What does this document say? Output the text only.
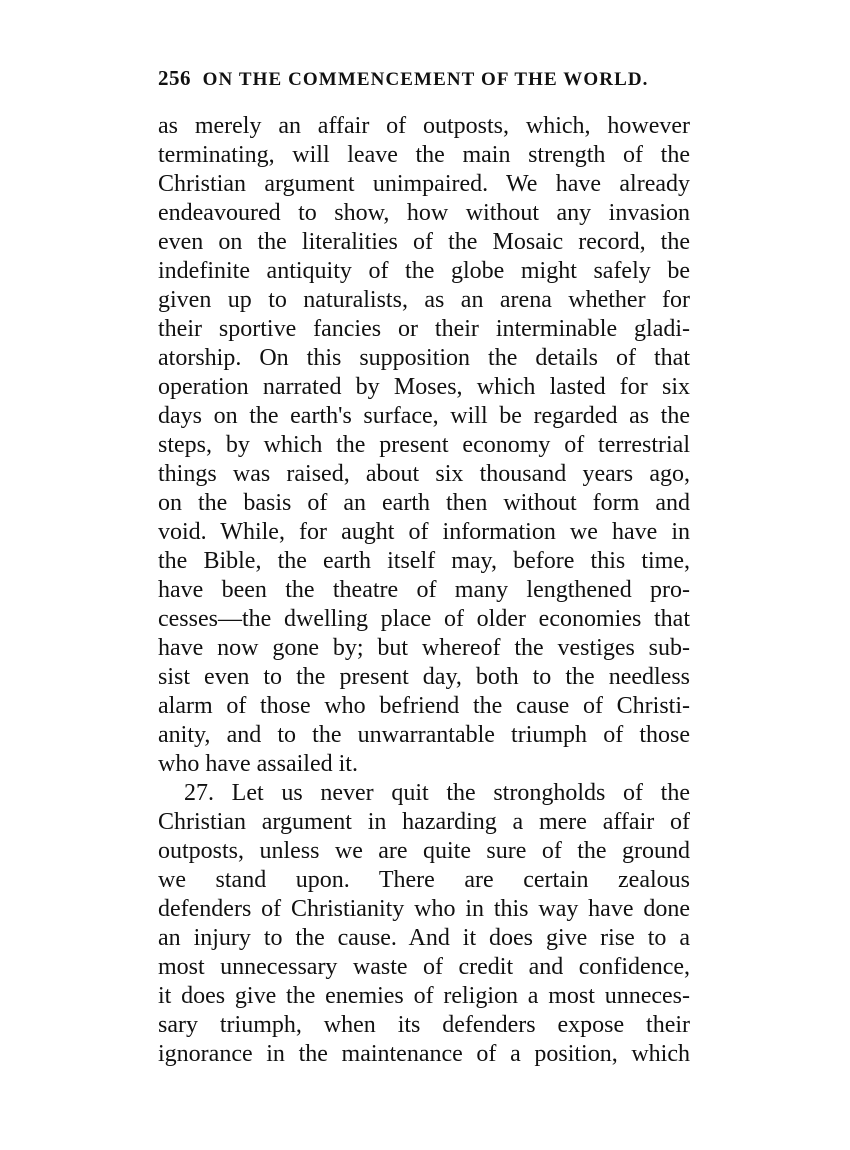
256 ON THE COMMENCEMENT OF THE WORLD.
as merely an affair of outposts, which, however
terminating, will leave the main strength of the
Christian argument unimpaired. We have already
endeavoured to show, how without any invasion
even on the literalities of the Mosaic record, the
indefinite antiquity of the globe might safely be
given up to naturalists, as an arena whether for
their sportive fancies or their interminable gladi-
atorship. On this supposition the details of that
operation narrated by Moses, which lasted for six
days on the earth's surface, will be regarded as the
steps, by which the present economy of terrestrial
things was raised, about six thousand years ago,
on the basis of an earth then without form and
void. While, for aught of information we have in
the Bible, the earth itself may, before this time,
have been the theatre of many lengthened pro-
cesses—the dwelling place of older economies that
have now gone by; but whereof the vestiges sub-
sist even to the present day, both to the needless
alarm of those who befriend the cause of Christi-
anity, and to the unwarrantable triumph of those
who have assailed it.
27. Let us never quit the strongholds of the
Christian argument in hazarding a mere affair of
outposts, unless we are quite sure of the ground
we stand upon. There are certain zealous
defenders of Christianity who in this way have done
an injury to the cause. And it does give rise to a
most unnecessary waste of credit and confidence,
it does give the enemies of religion a most unneces-
sary triumph, when its defenders expose their
ignorance in the maintenance of a position, which
